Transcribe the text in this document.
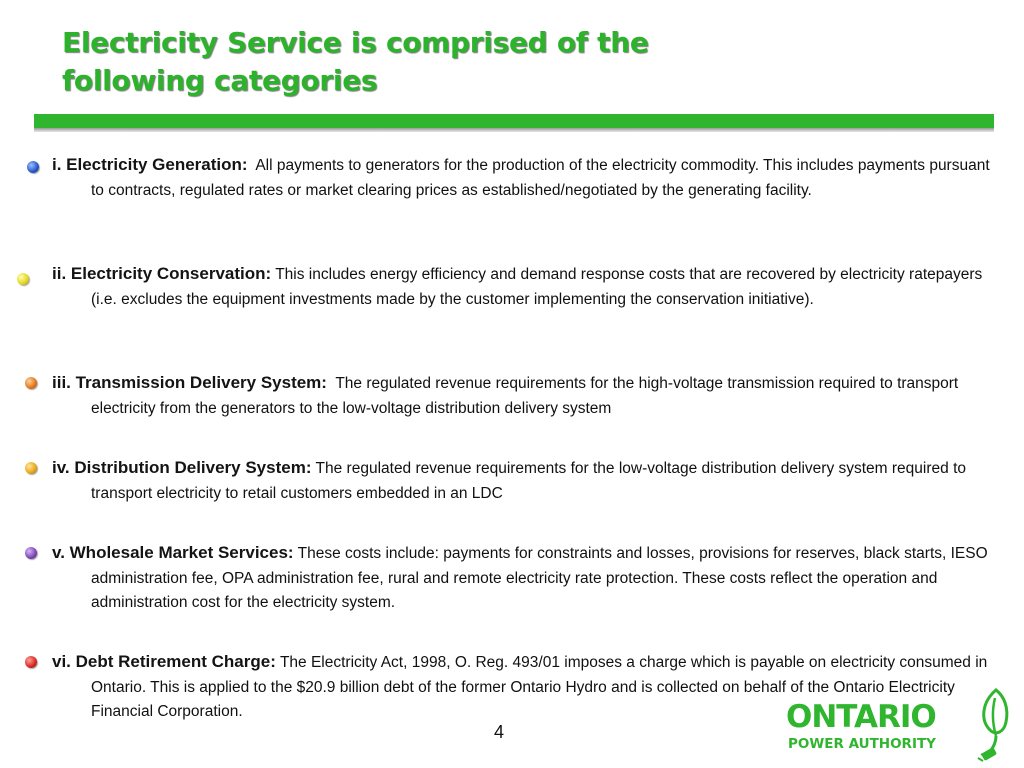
Electricity Service is comprised of the
following categories
i. Electricity Generation: All payments to generators for the production of the electricity commodity. This includes payments pursuant to contracts, regulated rates or market clearing prices as established/negotiated by the generating facility.
ii. Electricity Conservation: This includes energy efficiency and demand response costs that are recovered by electricity ratepayers (i.e. excludes the equipment investments made by the customer implementing the conservation initiative).
iii. Transmission Delivery System: The regulated revenue requirements for the high-voltage transmission required to transport electricity from the generators to the low-voltage distribution delivery system
iv. Distribution Delivery System: The regulated revenue requirements for the low-voltage distribution delivery system required to transport electricity to retail customers embedded in an LDC
v. Wholesale Market Services: These costs include: payments for constraints and losses, provisions for reserves, black starts, IESO administration fee, OPA administration fee, rural and remote electricity rate protection. These costs reflect the operation and administration cost for the electricity system.
vi. Debt Retirement Charge: The Electricity Act, 1998, O. Reg. 493/01 imposes a charge which is payable on electricity consumed in Ontario. This is applied to the $20.9 billion debt of the former Ontario Hydro and is collected on behalf of the Ontario Electricity Financial Corporation.
4	ONTARIO
POWER AUTHORITY
